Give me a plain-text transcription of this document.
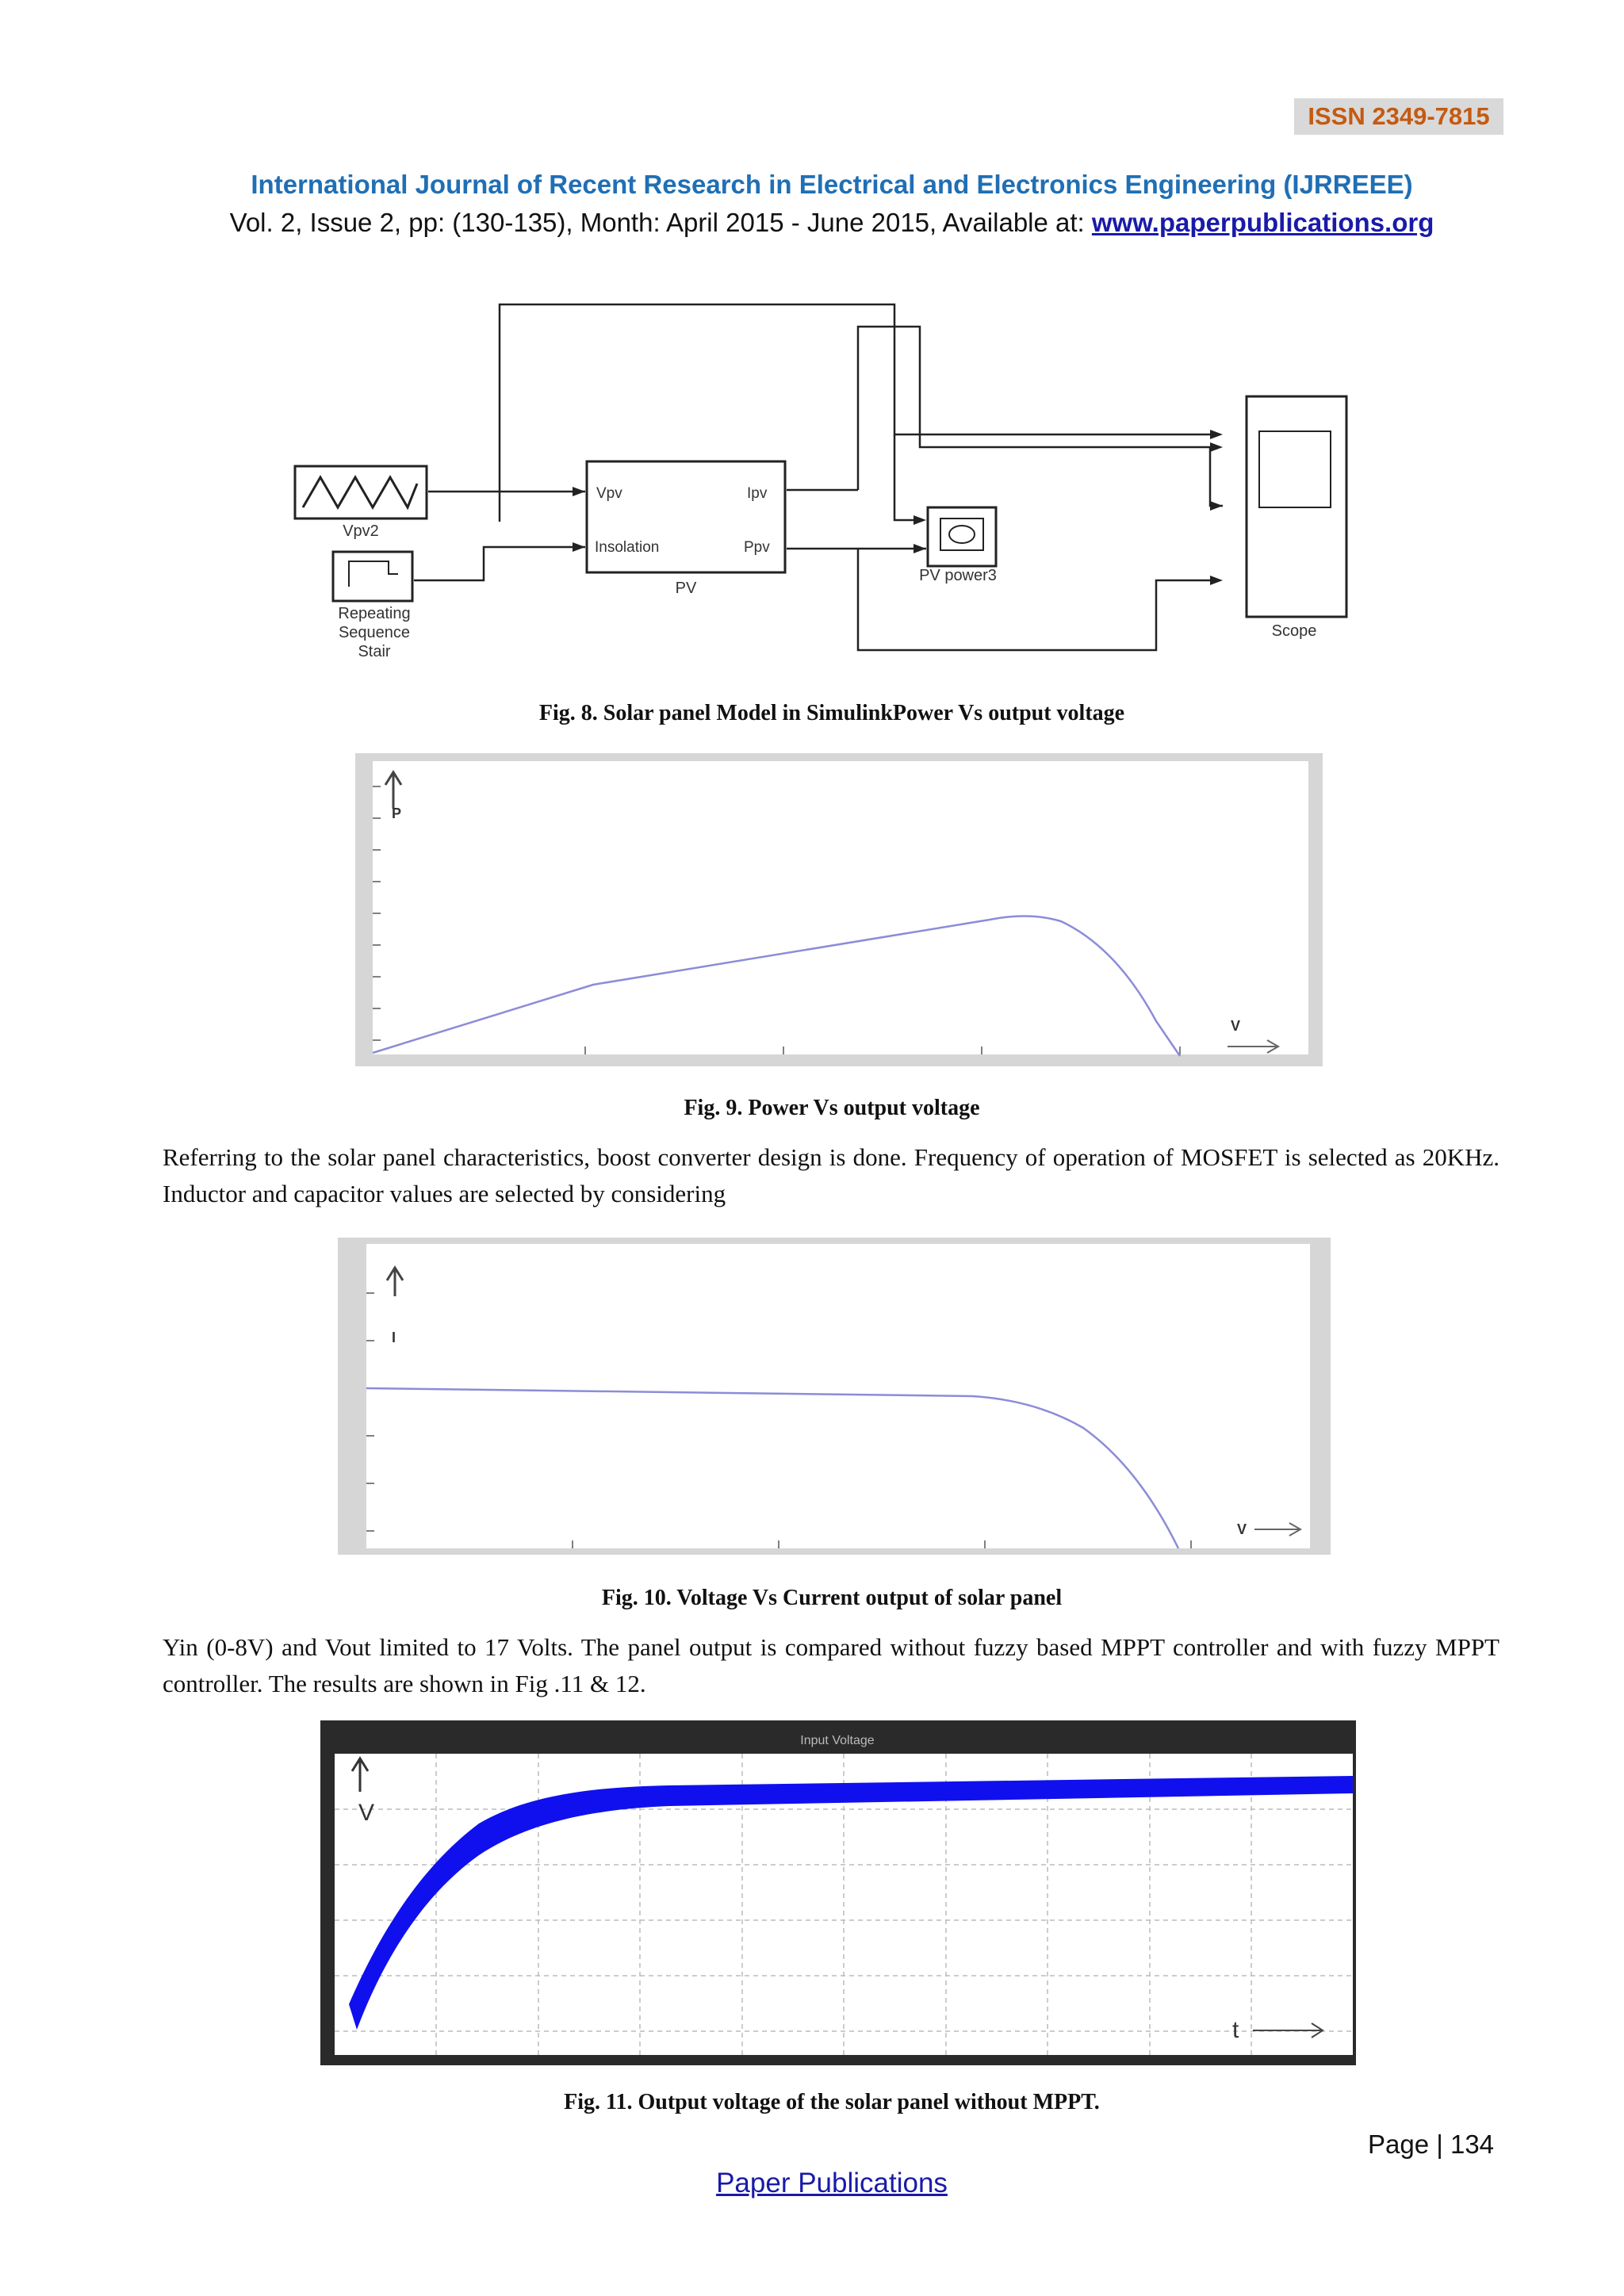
ISSN 2349-7815
International Journal of Recent Research in Electrical and Electronics Engineering (IJRREEE)
Vol. 2, Issue 2, pp: (130-135), Month: April 2015 - June 2015, Available at: www.paperpublications.org
Vpv2
Repeating
Sequence
Stair
Vpv
Insolation
Ipv
Ppv
PV
PV power3
Scope
Fig. 8. Solar panel Model in SimulinkPower Vs output voltage
P
V
Fig. 9. Power Vs output voltage
Referring to the solar panel characteristics, boost converter design is done. Frequency of operation of MOSFET is selected as 20KHz. Inductor and capacitor values are selected by considering
I
V
Fig. 10. Voltage Vs Current output of solar panel
Yin (0-8V) and Vout limited to 17 Volts. The panel output is compared without fuzzy based MPPT controller and with fuzzy MPPT controller. The results are shown in Fig .11 & 12.
Input Voltage
V
t
Fig. 11. Output voltage of the solar panel without MPPT.
Page | 134
Paper Publications
